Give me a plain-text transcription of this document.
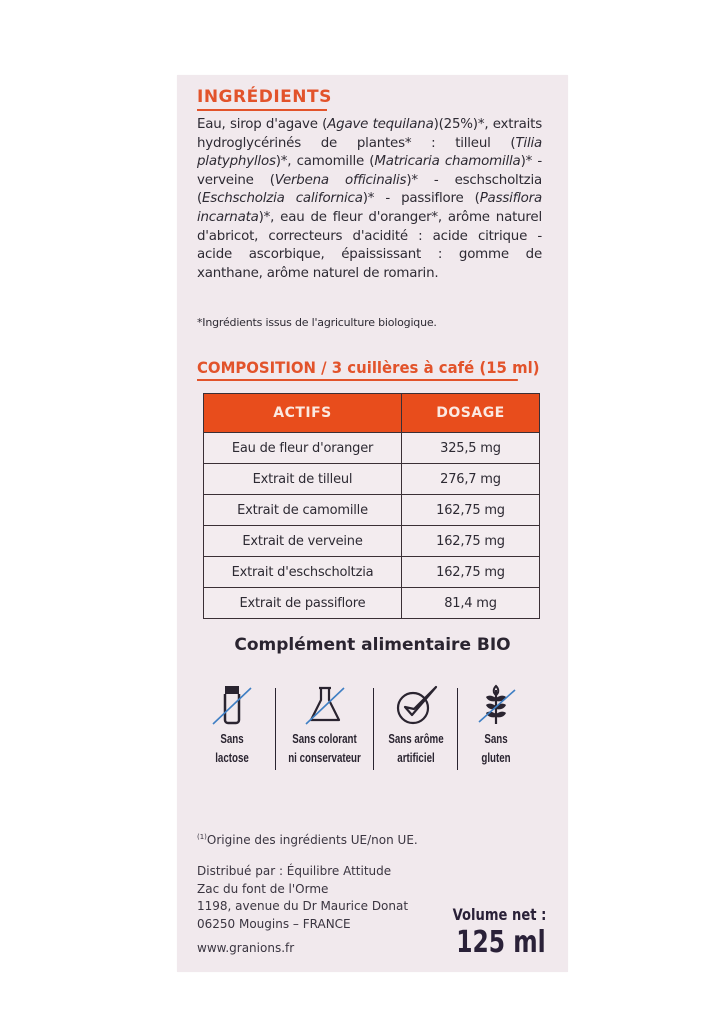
INGRÉDIENTS
Eau, sirop d'agave (Agave tequilana)(25%)*, extraits hydroglycérinés de plantes* : tilleul (Tilia platyphyllos)*, camomille (Matricaria chamomilla)* - verveine (Verbena officinalis)* - eschscholtzia (Eschscholzia californica)* - passiflore (Passiflora incarnata)*, eau de fleur d'oranger*, arôme naturel d'abricot, correcteurs d'acidité : acide citrique - acide ascorbique, épaississant : gomme de xanthane, arôme naturel de romarin.
*Ingrédients issus de l'agriculture biologique.
COMPOSITION / 3 cuillères à café (15 ml)
ACTIFS	DOSAGE
Eau de fleur d'oranger	325,5 mg
Extrait de tilleul	276,7 mg
Extrait de camomille	162,75 mg
Extrait de verveine	162,75 mg
Extrait d'eschscholtzia	162,75 mg
Extrait de passiflore	81,4 mg
Complément alimentaire BIO
Sans
lactose
Sans colorant
ni conservateur
Sans arôme
artificiel
Sans
gluten
$^{(1)}$Origine des ingrédients UE/non UE.
Distribué par : Équilibre Attitude
Zac du font de l'Orme
1198, avenue du Dr Maurice Donat
06250 Mougins – FRANCE
www.granions.fr
Volume net :
125 ml
